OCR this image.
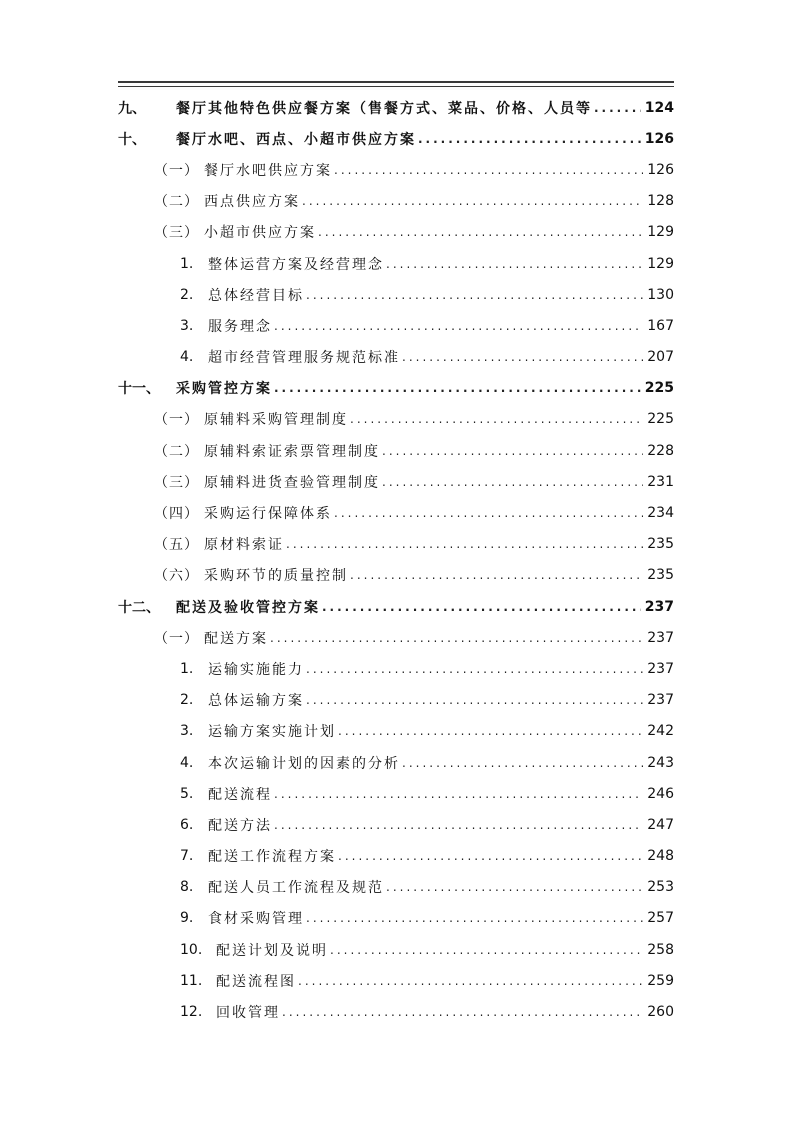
九、	餐厅其他特色供应餐方案（售餐方式、菜品、价格、人员等 .....	124
十、	餐厅水吧、西点、小超市供应方案 .....	126
（一） 餐厅水吧供应方案 .....	126
（二） 西点供应方案 .....	128
（三） 小超市供应方案 .....	129
1.	整体运营方案及经营理念 .....	129
2.	总体经营目标 .....	130
3.	服务理念 .....	167
4.	超市经营管理服务规范标准 .....	207
十一、	采购管控方案 .....	225
（一） 原辅料采购管理制度 .....	225
（二） 原辅料索证索票管理制度 .....	228
（三） 原辅料进货查验管理制度 .....	231
（四） 采购运行保障体系 .....	234
（五） 原材料索证 .....	235
（六） 采购环节的质量控制 .....	235
十二、	配送及验收管控方案 .....	237
（一） 配送方案 .....	237
1.	运输实施能力 .....	237
2.	总体运输方案 .....	237
3.	运输方案实施计划 .....	242
4.	本次运输计划的因素的分析 .....	243
5.	配送流程 .....	246
6.	配送方法 .....	247
7.	配送工作流程方案 .....	248
8.	配送人员工作流程及规范 .....	253
9.	食材采购管理 .....	257
10. 配送计划及说明 .....	258
11. 配送流程图 .....	259
12. 回收管理 .....	260
